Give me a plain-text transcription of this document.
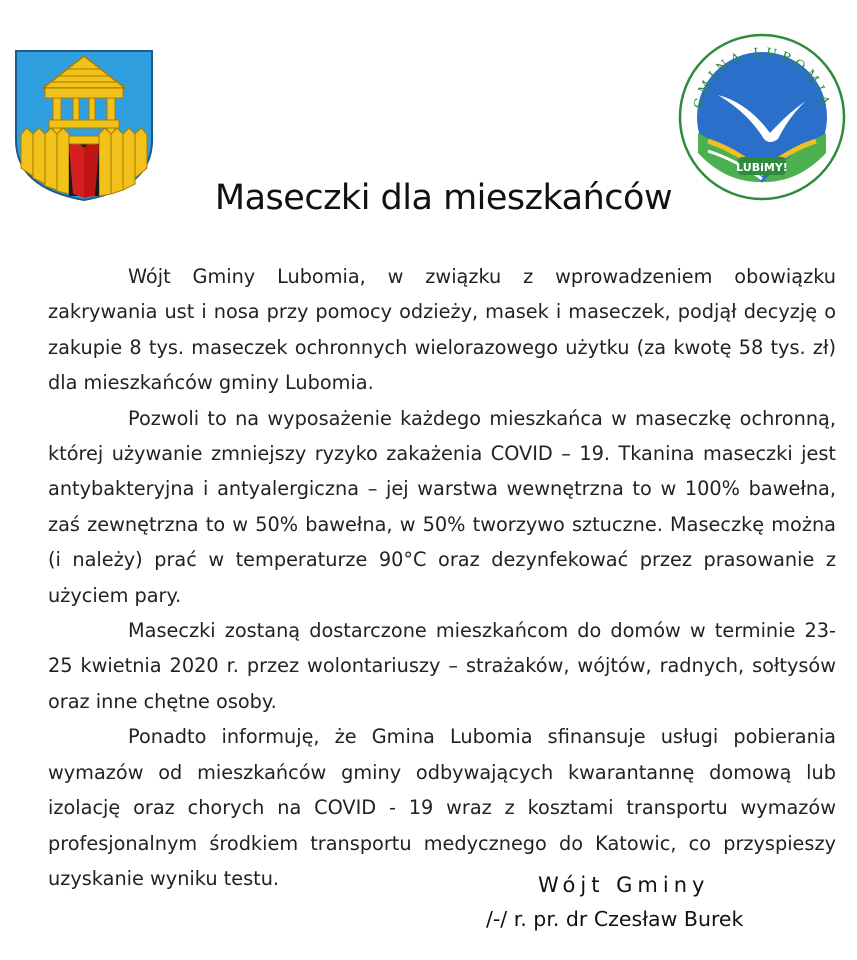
GMINA LUBOMIA
LUBiMY!
Maseczki dla mieszkańców

Wójt Gminy Lubomia, w związku z wprowadzeniem obowiązku zakrywania ust i nosa przy pomocy odzieży, masek i maseczek, podjął decyzję o zakupie 8 tys. maseczek ochronnych wielorazowego użytku (za kwotę 58 tys. zł) dla mieszkańców gminy Lubomia.

Pozwoli to na wyposażenie każdego mieszkańca w maseczkę ochronną, której używanie zmniejszy ryzyko zakażenia COVID – 19. Tkanina maseczki jest antybakteryjna i antyalergiczna – jej warstwa wewnętrzna to w 100% bawełna, zaś zewnętrzna to w 50% bawełna, w 50% tworzywo sztuczne. Maseczkę można (i należy) prać w temperaturze 90°C oraz dezynfekować przez prasowanie z użyciem pary.

Maseczki zostaną dostarczone mieszkańcom do domów w terminie 23-25 kwietnia 2020 r. przez wolontariuszy – strażaków, wójtów, radnych, sołtysów oraz inne chętne osoby.

Ponadto informuję, że Gmina Lubomia sfinansuje usługi pobierania wymazów od mieszkańców gminy odbywających kwarantannę domową lub izolację oraz chorych na COVID - 19 wraz z kosztami transportu wymazów profesjonalnym środkiem transportu medycznego do Katowic, co przyspieszy uzyskanie wyniku testu.	Wójt Gminy
/-/ r. pr. dr Czesław Burek
